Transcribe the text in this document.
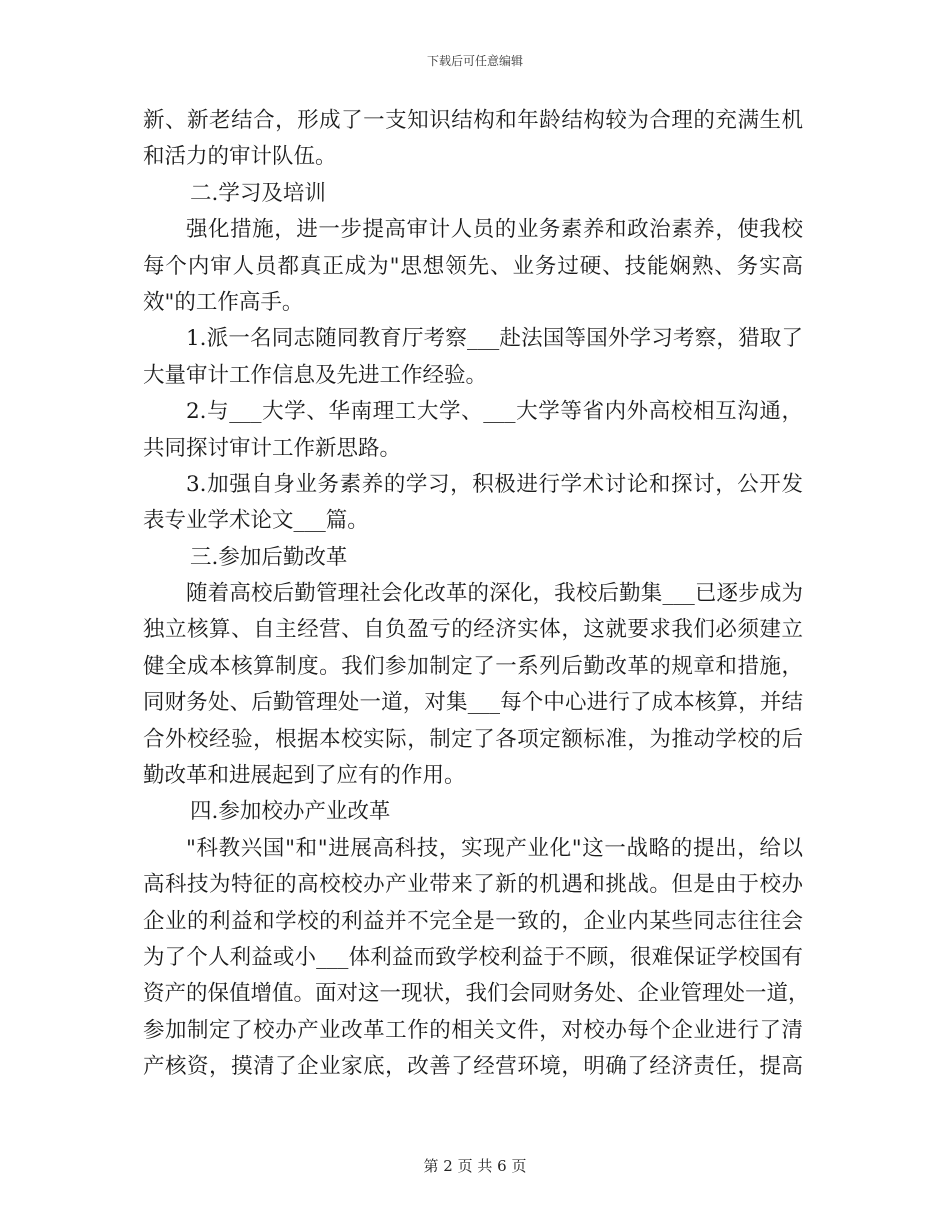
下载后可任意编辑
新、新老结合，形成了一支知识结构和年龄结构较为合理的充满生机
和活力的审计队伍。
二.学习及培训
强化措施，进一步提高审计人员的业务素养和政治素养，使我校
每个内审人员都真正成为"思想领先、业务过硬、技能娴熟、务实高
效"的工作高手。
1.派一名同志随同教育厅考察___赴法国等国外学习考察，猎取了
大量审计工作信息及先进工作经验。
2.与___大学、华南理工大学、___大学等省内外高校相互沟通，
共同探讨审计工作新思路。
3.加强自身业务素养的学习，积极进行学术讨论和探讨，公开发
表专业学术论文___篇。
三.参加后勤改革
随着高校后勤管理社会化改革的深化，我校后勤集___已逐步成为
独立核算、自主经营、自负盈亏的经济实体，这就要求我们必须建立
健全成本核算制度。我们参加制定了一系列后勤改革的规章和措施，
同财务处、后勤管理处一道，对集___每个中心进行了成本核算，并结
合外校经验，根据本校实际，制定了各项定额标准，为推动学校的后
勤改革和进展起到了应有的作用。
四.参加校办产业改革
"科教兴国"和"进展高科技，实现产业化"这一战略的提出，给以
高科技为特征的高校校办产业带来了新的机遇和挑战。但是由于校办
企业的利益和学校的利益并不完全是一致的，企业内某些同志往往会
为了个人利益或小___体利益而致学校利益于不顾，很难保证学校国有
资产的保值增值。面对这一现状，我们会同财务处、企业管理处一道，
参加制定了校办产业改革工作的相关文件，对校办每个企业进行了清
产核资，摸清了企业家底，改善了经营环境，明确了经济责任，提高
第 2 页 共 6 页
